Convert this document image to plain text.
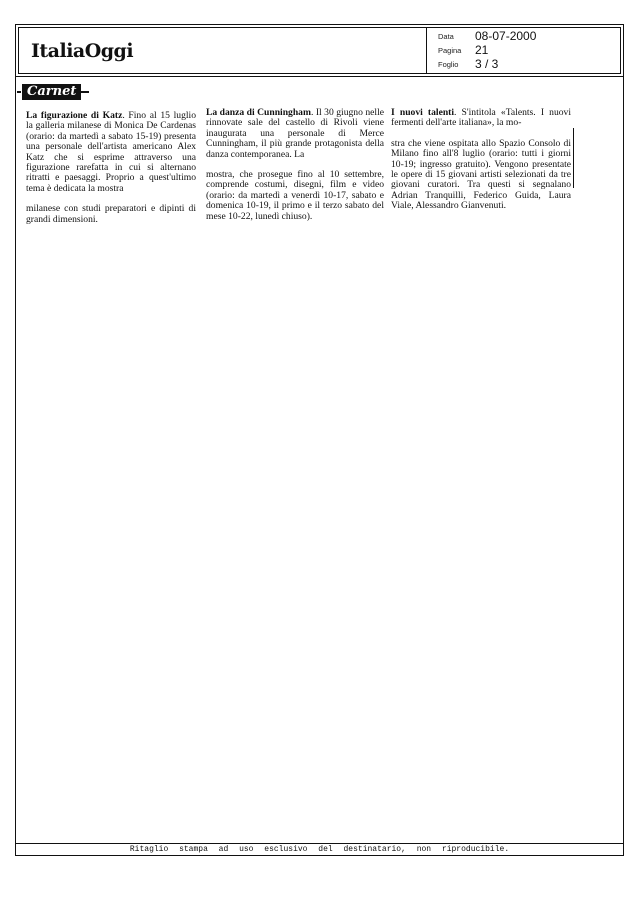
ItaliaOggi
Data 08-07-2000
Pagina 21
Foglio 3 / 3
Carnet

La figurazione di Katz. Fino al 15 luglio la galleria milanese di Monica De Cardenas (orario: da martedì a sabato 15-19) presenta una personale dell'artista americano Alex Katz che si esprime attraverso una figurazione rarefatta in cui si alternano ritratti e paesaggi. Proprio a quest'ultimo tema è dedicata la mostra

milanese con studi preparatori e dipinti di grandi dimensioni.

La danza di Cunningham. Il 30 giugno nelle rinnovate sale del castello di Rivoli viene inaugurata una personale di Merce Cunningham, il più grande protagonista della danza contemporanea. La

mostra, che prosegue fino al 10 settembre, comprende costumi, disegni, film e video (orario: da martedì a venerdì 10-17, sabato e domenica 10-19, il primo e il terzo sabato del mese 10-22, lunedì chiuso).

I nuovi talenti. S'intitola «Talents. I nuovi fermenti dell'arte italiana», la mo-

stra che viene ospitata allo Spazio Consolo di Milano fino all'8 luglio (orario: tutti i giorni 10-19; ingresso gratuito). Vengono presentate le opere di 15 giovani artisti selezionati da tre giovani curatori. Tra questi si segnalano Adrian Tranquilli, Federico Guida, Laura Viale, Alessandro Gianvenuti.

Ritaglio stampa ad uso esclusivo del destinatario, non riproducibile.
